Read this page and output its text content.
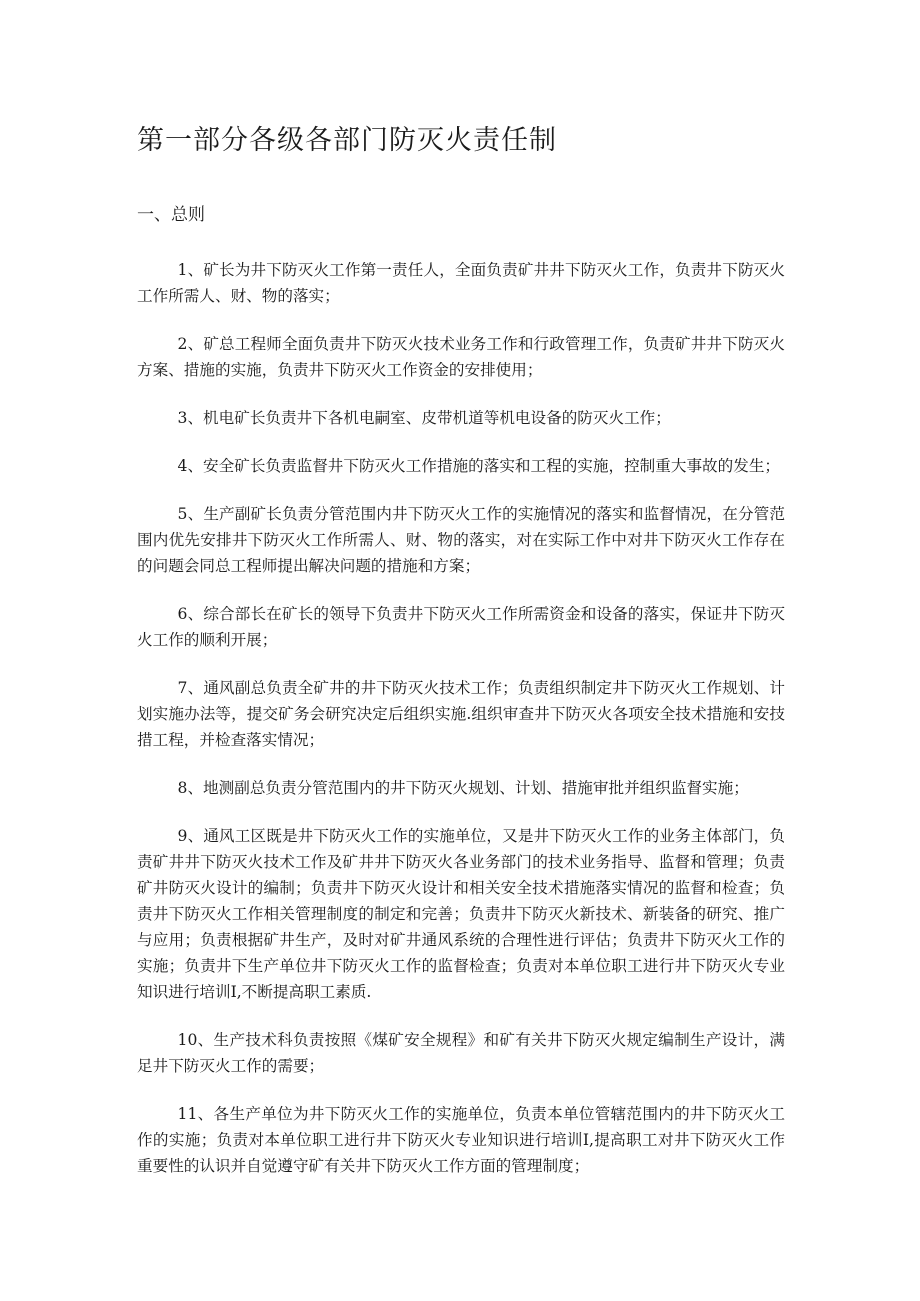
第一部分各级各部门防灭火责任制
一、总则

1、矿长为井下防灭火工作第一责任人，全面负责矿井井下防灭火工作，负责井下防灭火工作所需人、财、物的落实；

2、矿总工程师全面负责井下防灭火技术业务工作和行政管理工作，负责矿井井下防灭火方案、措施的实施，负责井下防灭火工作资金的安排使用；

3、机电矿长负责井下各机电嗣室、皮带机道等机电设备的防灭火工作；

4、安全矿长负责监督井下防灭火工作措施的落实和工程的实施，控制重大事故的发生；

5、生产副矿长负责分管范围内井下防灭火工作的实施情况的落实和监督情况，在分管范围内优先安排井下防灭火工作所需人、财、物的落实，对在实际工作中对井下防灭火工作存在的问题会同总工程师提出解决问题的措施和方案；

6、综合部长在矿长的领导下负责井下防灭火工作所需资金和设备的落实，保证井下防灭火工作的顺利开展；

7、通风副总负责全矿井的井下防灭火技术工作；负责组织制定井下防灭火工作规划、计划实施办法等，提交矿务会研究决定后组织实施.组织审查井下防灭火各项安全技术措施和安技措工程，并检查落实情况；

8、地测副总负责分管范围内的井下防灭火规划、计划、措施审批并组织监督实施；

9、通风工区既是井下防灭火工作的实施单位，又是井下防灭火工作的业务主体部门，负责矿井井下防灭火技术工作及矿井井下防灭火各业务部门的技术业务指导、监督和管理；负责矿井防灭火设计的编制；负责井下防灭火设计和相关安全技术措施落实情况的监督和检查；负责井下防灭火工作相关管理制度的制定和完善；负责井下防灭火新技术、新装备的研究、推广与应用；负责根据矿井生产，及时对矿井通风系统的合理性进行评估；负责井下防灭火工作的实施；负责井下生产单位井下防灭火工作的监督检查；负责对本单位职工进行井下防灭火专业知识进行培训I,不断提高职工素质.

10、生产技术科负责按照《煤矿安全规程》和矿有关井下防灭火规定编制生产设计，满足井下防灭火工作的需要；

11、各生产单位为井下防灭火工作的实施单位，负责本单位管辖范围内的井下防灭火工作的实施；负责对本单位职工进行井下防灭火专业知识进行培训I,提高职工对井下防灭火工作重要性的认识并自觉遵守矿有关井下防灭火工作方面的管理制度；
